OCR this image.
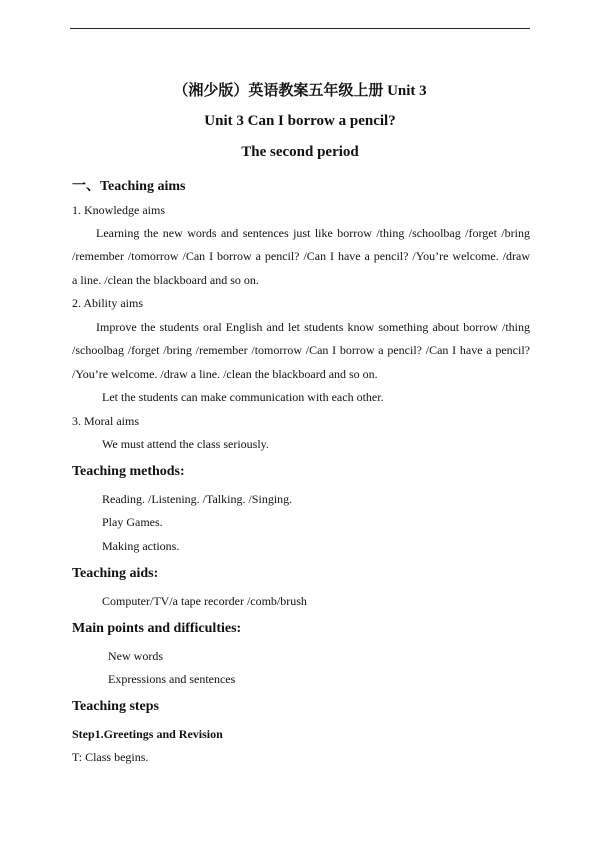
（湘少版）英语教案五年级上册 Unit 3
Unit 3 Can I borrow a pencil?
The second period
一、Teaching aims
1. Knowledge aims
Learning the new words and sentences just like borrow /thing /schoolbag /forget /bring
/remember /tomorrow /Can I borrow a pencil? /Can I have a pencil? /You’re welcome. /draw
a line. /clean the blackboard and so on.
2. Ability aims
Improve the students oral English and let students know something about borrow /thing
/schoolbag /forget /bring /remember /tomorrow /Can I borrow a pencil? /Can I have a pencil?
/You’re welcome. /draw a line. /clean the blackboard and so on.
Let the students can make communication with each other.
3. Moral aims
We must attend the class seriously.
Teaching methods:
Reading. /Listening. /Talking. /Singing.
Play Games.
Making actions.
Teaching aids:
Computer/TV/a tape recorder /comb/brush
Main points and difficulties:
New words
Expressions and sentences
Teaching steps
Step1.Greetings and Revision
T: Class begins.
